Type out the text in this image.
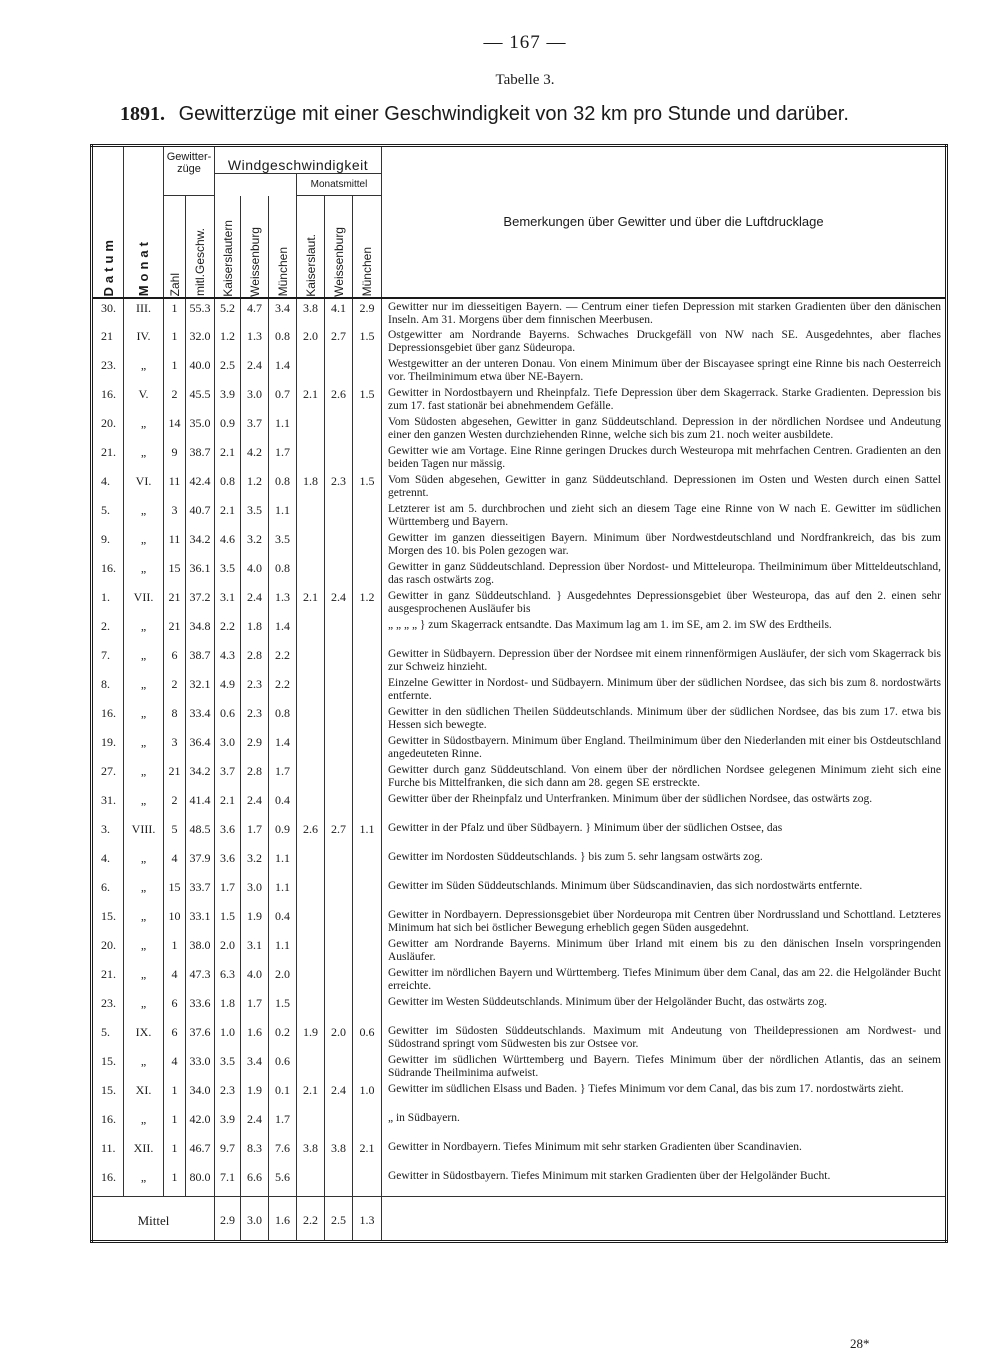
— 167 —
Tabelle 3.
1891. Gewitterzüge mit einer Geschwindigkeit von 32 km pro Stunde und darüber.
Datum	Monat	Gewitter-züge		Windgeschwindigkeit						Bemerkungen über Gewitter und über die Luftdrucklage
							Monatsmittel			

		Zahl	mitl.Geschw.	Kaiserslautern	Weissenburg	München	Kaiserslaut.	Weissenburg	München	

30.	III.	1	55.3	5.2	4.7	3.4	3.8	4.1	2.9	Gewitter nur im diesseitigen Bayern. — Centrum einer tiefen Depression mit starken Gradienten über den dänischen Inseln. Am 31. Morgens über dem finnischen Meerbusen.
21	IV.	1	32.0	1.2	1.3	0.8	2.0	2.7	1.5	Ostgewitter am Nordrande Bayerns. Schwaches Druckgefäll von NW nach SE. Ausgedehntes, aber flaches Depressionsgebiet über ganz Südeuropa.
23.	„	1	40.0	2.5	2.4	1.4				Westgewitter an der unteren Donau. Von einem Minimum über der Biscayasee springt eine Rinne bis nach Oesterreich vor. Theilminimum etwa über NE-Bayern.
16.	V.	2	45.5	3.9	3.0	0.7	2.1	2.6	1.5	Gewitter in Nordostbayern und Rheinpfalz. Tiefe Depression über dem Skagerrack. Starke Gradienten. Depression bis zum 17. fast stationär bei abnehmendem Gefälle.
20.	„	14	35.0	0.9	3.7	1.1				Vom Südosten abgesehen, Gewitter in ganz Süddeutschland. Depression in der nördlichen Nordsee und Andeutung einer den ganzen Westen durchziehenden Rinne, welche sich bis zum 21. noch weiter ausbildete.
21.	„	9	38.7	2.1	4.2	1.7				Gewitter wie am Vortage. Eine Rinne geringen Druckes durch Westeuropa mit mehrfachen Centren. Gradienten an den beiden Tagen nur mässig.
4.	VI.	11	42.4	0.8	1.2	0.8	1.8	2.3	1.5	Vom Süden abgesehen, Gewitter in ganz Süddeutschland. Depressionen im Osten und Westen durch einen Sattel getrennt.
5.	„	3	40.7	2.1	3.5	1.1				Letzterer ist am 5. durchbrochen und zieht sich an diesem Tage eine Rinne von W nach E. Gewitter im südlichen Württemberg und Bayern.
9.	„	11	34.2	4.6	3.2	3.5				Gewitter im ganzen diesseitigen Bayern. Minimum über Nordwestdeutschland und Nordfrankreich, das bis zum Morgen des 10. bis Polen gezogen war.
16.	„	15	36.1	3.5	4.0	0.8				Gewitter in ganz Süddeutschland. Depression über Nordost- und Mitteleuropa. Theilminimum über Mitteldeutschland, das rasch ostwärts zog.
1.	VII.	21	37.2	3.1	2.4	1.3	2.1	2.4	1.2	Gewitter in ganz Süddeutschland. } Ausgedehntes Depressionsgebiet über Westeuropa, das auf den 2. einen sehr ausgesprochenen Ausläufer bis
2.	„	21	34.8	2.2	1.8	1.4				„ „ „ „ } zum Skagerrack entsandte. Das Maximum lag am 1. im SE, am 2. im SW des Erdtheils.
7.	„	6	38.7	4.3	2.8	2.2				Gewitter in Südbayern. Depression über der Nordsee mit einem rinnenförmigen Ausläufer, der sich vom Skagerrack bis zur Schweiz hinzieht.
8.	„	2	32.1	4.9	2.3	2.2				Einzelne Gewitter in Nordost- und Südbayern. Minimum über der südlichen Nordsee, das sich bis zum 8. nordostwärts entfernte.
16.	„	8	33.4	0.6	2.3	0.8				Gewitter in den südlichen Theilen Süddeutschlands. Minimum über der südlichen Nordsee, das bis zum 17. etwa bis Hessen sich bewegte.
19.	„	3	36.4	3.0	2.9	1.4				Gewitter in Südostbayern. Minimum über England. Theilminimum über den Niederlanden mit einer bis Ostdeutschland angedeuteten Rinne.
27.	„	21	34.2	3.7	2.8	1.7				Gewitter durch ganz Süddeutschland. Von einem über der nördlichen Nordsee gelegenen Minimum zieht sich eine Furche bis Mittelfranken, die sich dann am 28. gegen SE erstreckte.
31.	„	2	41.4	2.1	2.4	0.4				Gewitter über der Rheinpfalz und Unterfranken. Minimum über der südlichen Nordsee, das ostwärts zog.
3.	VIII.	5	48.5	3.6	1.7	0.9	2.6	2.7	1.1	Gewitter in der Pfalz und über Südbayern. } Minimum über der südlichen Ostsee, das
4.	„	4	37.9	3.6	3.2	1.1				Gewitter im Nordosten Süddeutschlands. } bis zum 5. sehr langsam ostwärts zog.
6.	„	15	33.7	1.7	3.0	1.1				Gewitter im Süden Süddeutschlands. Minimum über Südscandinavien, das sich nordostwärts entfernte.
15.	„	10	33.1	1.5	1.9	0.4				Gewitter in Nordbayern. Depressionsgebiet über Nordeuropa mit Centren über Nordrussland und Schottland. Letzteres Minimum hat sich bei östlicher Bewegung erheblich gegen Süden ausgedehnt.
20.	„	1	38.0	2.0	3.1	1.1				Gewitter am Nordrande Bayerns. Minimum über Irland mit einem bis zu den dänischen Inseln vorspringenden Ausläufer.
21.	„	4	47.3	6.3	4.0	2.0				Gewitter im nördlichen Bayern und Württemberg. Tiefes Minimum über dem Canal, das am 22. die Helgoländer Bucht erreichte.
23.	„	6	33.6	1.8	1.7	1.5				Gewitter im Westen Süddeutschlands. Minimum über der Helgoländer Bucht, das ostwärts zog.
5.	IX.	6	37.6	1.0	1.6	0.2	1.9	2.0	0.6	Gewitter im Südosten Süddeutschlands. Maximum mit Andeutung von Theildepressionen am Nordwest- und Südostrand springt vom Südwesten bis zur Ostsee vor.
15.	„	4	33.0	3.5	3.4	0.6				Gewitter im südlichen Württemberg und Bayern. Tiefes Minimum über der nördlichen Atlantis, das an seinem Südrande Theilminima aufweist.
15.	XI.	1	34.0	2.3	1.9	0.1	2.1	2.4	1.0	Gewitter im südlichen Elsass und Baden. } Tiefes Minimum vor dem Canal, das bis zum 17. nordostwärts zieht.
16.	„	1	42.0	3.9	2.4	1.7				„ in Südbayern.
11.	XII.	1	46.7	9.7	8.3	7.6	3.8	3.8	2.1	Gewitter in Nordbayern. Tiefes Minimum mit sehr starken Gradienten über Scandinavien.
16.	„	1	80.0	7.1	6.6	5.6				Gewitter in Südostbayern. Tiefes Minimum mit starken Gradienten über der Helgoländer Bucht.
Mittel				2.9	3.0	1.6	2.2	2.5	1.3	
28*
